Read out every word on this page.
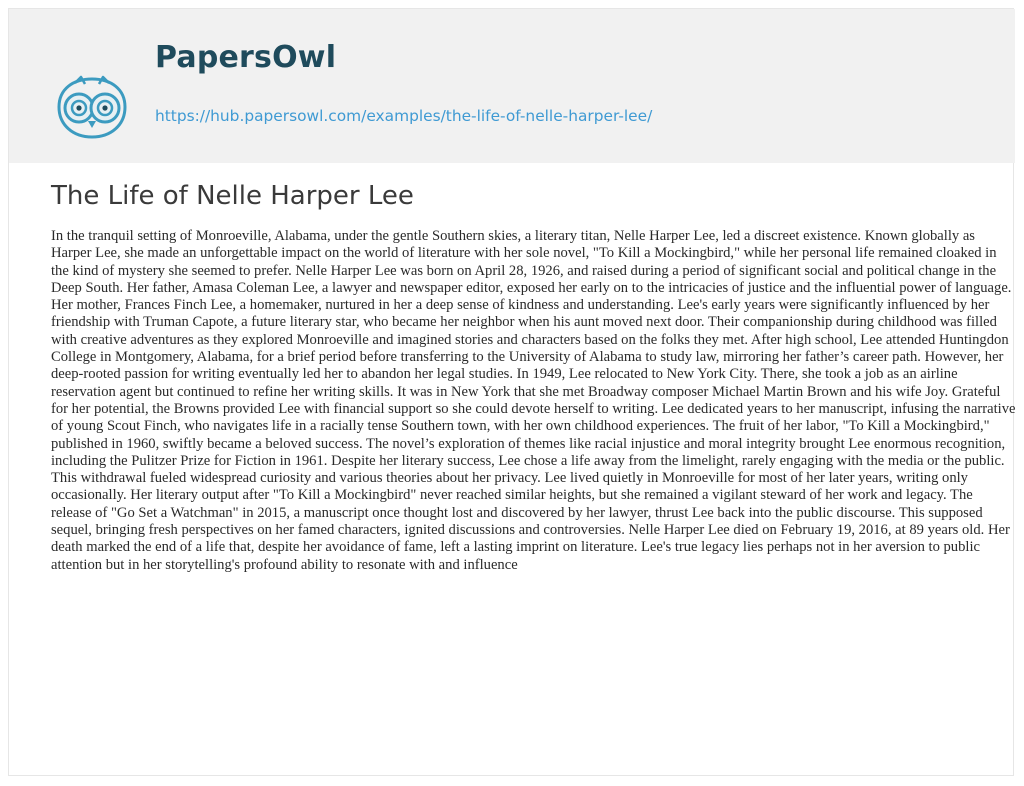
PapersOwl
https://hub.papersowl.com/examples/the-life-of-nelle-harper-lee/
The Life of Nelle Harper Lee

In the tranquil setting of Monroeville, Alabama, under the gentle Southern skies, a literary titan, Nelle Harper Lee, led a discreet existence. Known globally as Harper Lee, she made an unforgettable impact on the world of literature with her sole novel, "To Kill a Mockingbird," while her personal life remained cloaked in the kind of mystery she seemed to prefer. Nelle Harper Lee was born on April 28, 1926, and raised during a period of significant social and political change in the Deep South. Her father, Amasa Coleman Lee, a lawyer and newspaper editor, exposed her early on to the intricacies of justice and the influential power of language. Her mother, Frances Finch Lee, a homemaker, nurtured in her a deep sense of kindness and understanding. Lee's early years were significantly influenced by her friendship with Truman Capote, a future literary star, who became her neighbor when his aunt moved next door. Their companionship during childhood was filled with creative adventures as they explored Monroeville and imagined stories and characters based on the folks they met. After high school, Lee attended Huntingdon College in Montgomery, Alabama, for a brief period before transferring to the University of Alabama to study law, mirroring her father’s career path. However, her deep-rooted passion for writing eventually led her to abandon her legal studies. In 1949, Lee relocated to New York City. There, she took a job as an airline reservation agent but continued to refine her writing skills. It was in New York that she met Broadway composer Michael Martin Brown and his wife Joy. Grateful for her potential, the Browns provided Lee with financial support so she could devote herself to writing. Lee dedicated years to her manuscript, infusing the narrative of young Scout Finch, who navigates life in a racially tense Southern town, with her own childhood experiences. The fruit of her labor, "To Kill a Mockingbird," published in 1960, swiftly became a beloved success. The novel’s exploration of themes like racial injustice and moral integrity brought Lee enormous recognition, including the Pulitzer Prize for Fiction in 1961. Despite her literary success, Lee chose a life away from the limelight, rarely engaging with the media or the public. This withdrawal fueled widespread curiosity and various theories about her privacy. Lee lived quietly in Monroeville for most of her later years, writing only occasionally. Her literary output after "To Kill a Mockingbird" never reached similar heights, but she remained a vigilant steward of her work and legacy. The release of "Go Set a Watchman" in 2015, a manuscript once thought lost and discovered by her lawyer, thrust Lee back into the public discourse. This supposed sequel, bringing fresh perspectives on her famed characters, ignited discussions and controversies. Nelle Harper Lee died on February 19, 2016, at 89 years old. Her death marked the end of a life that, despite her avoidance of fame, left a lasting imprint on literature. Lee's true legacy lies perhaps not in her aversion to public attention but in her storytelling's profound ability to resonate with and influence
